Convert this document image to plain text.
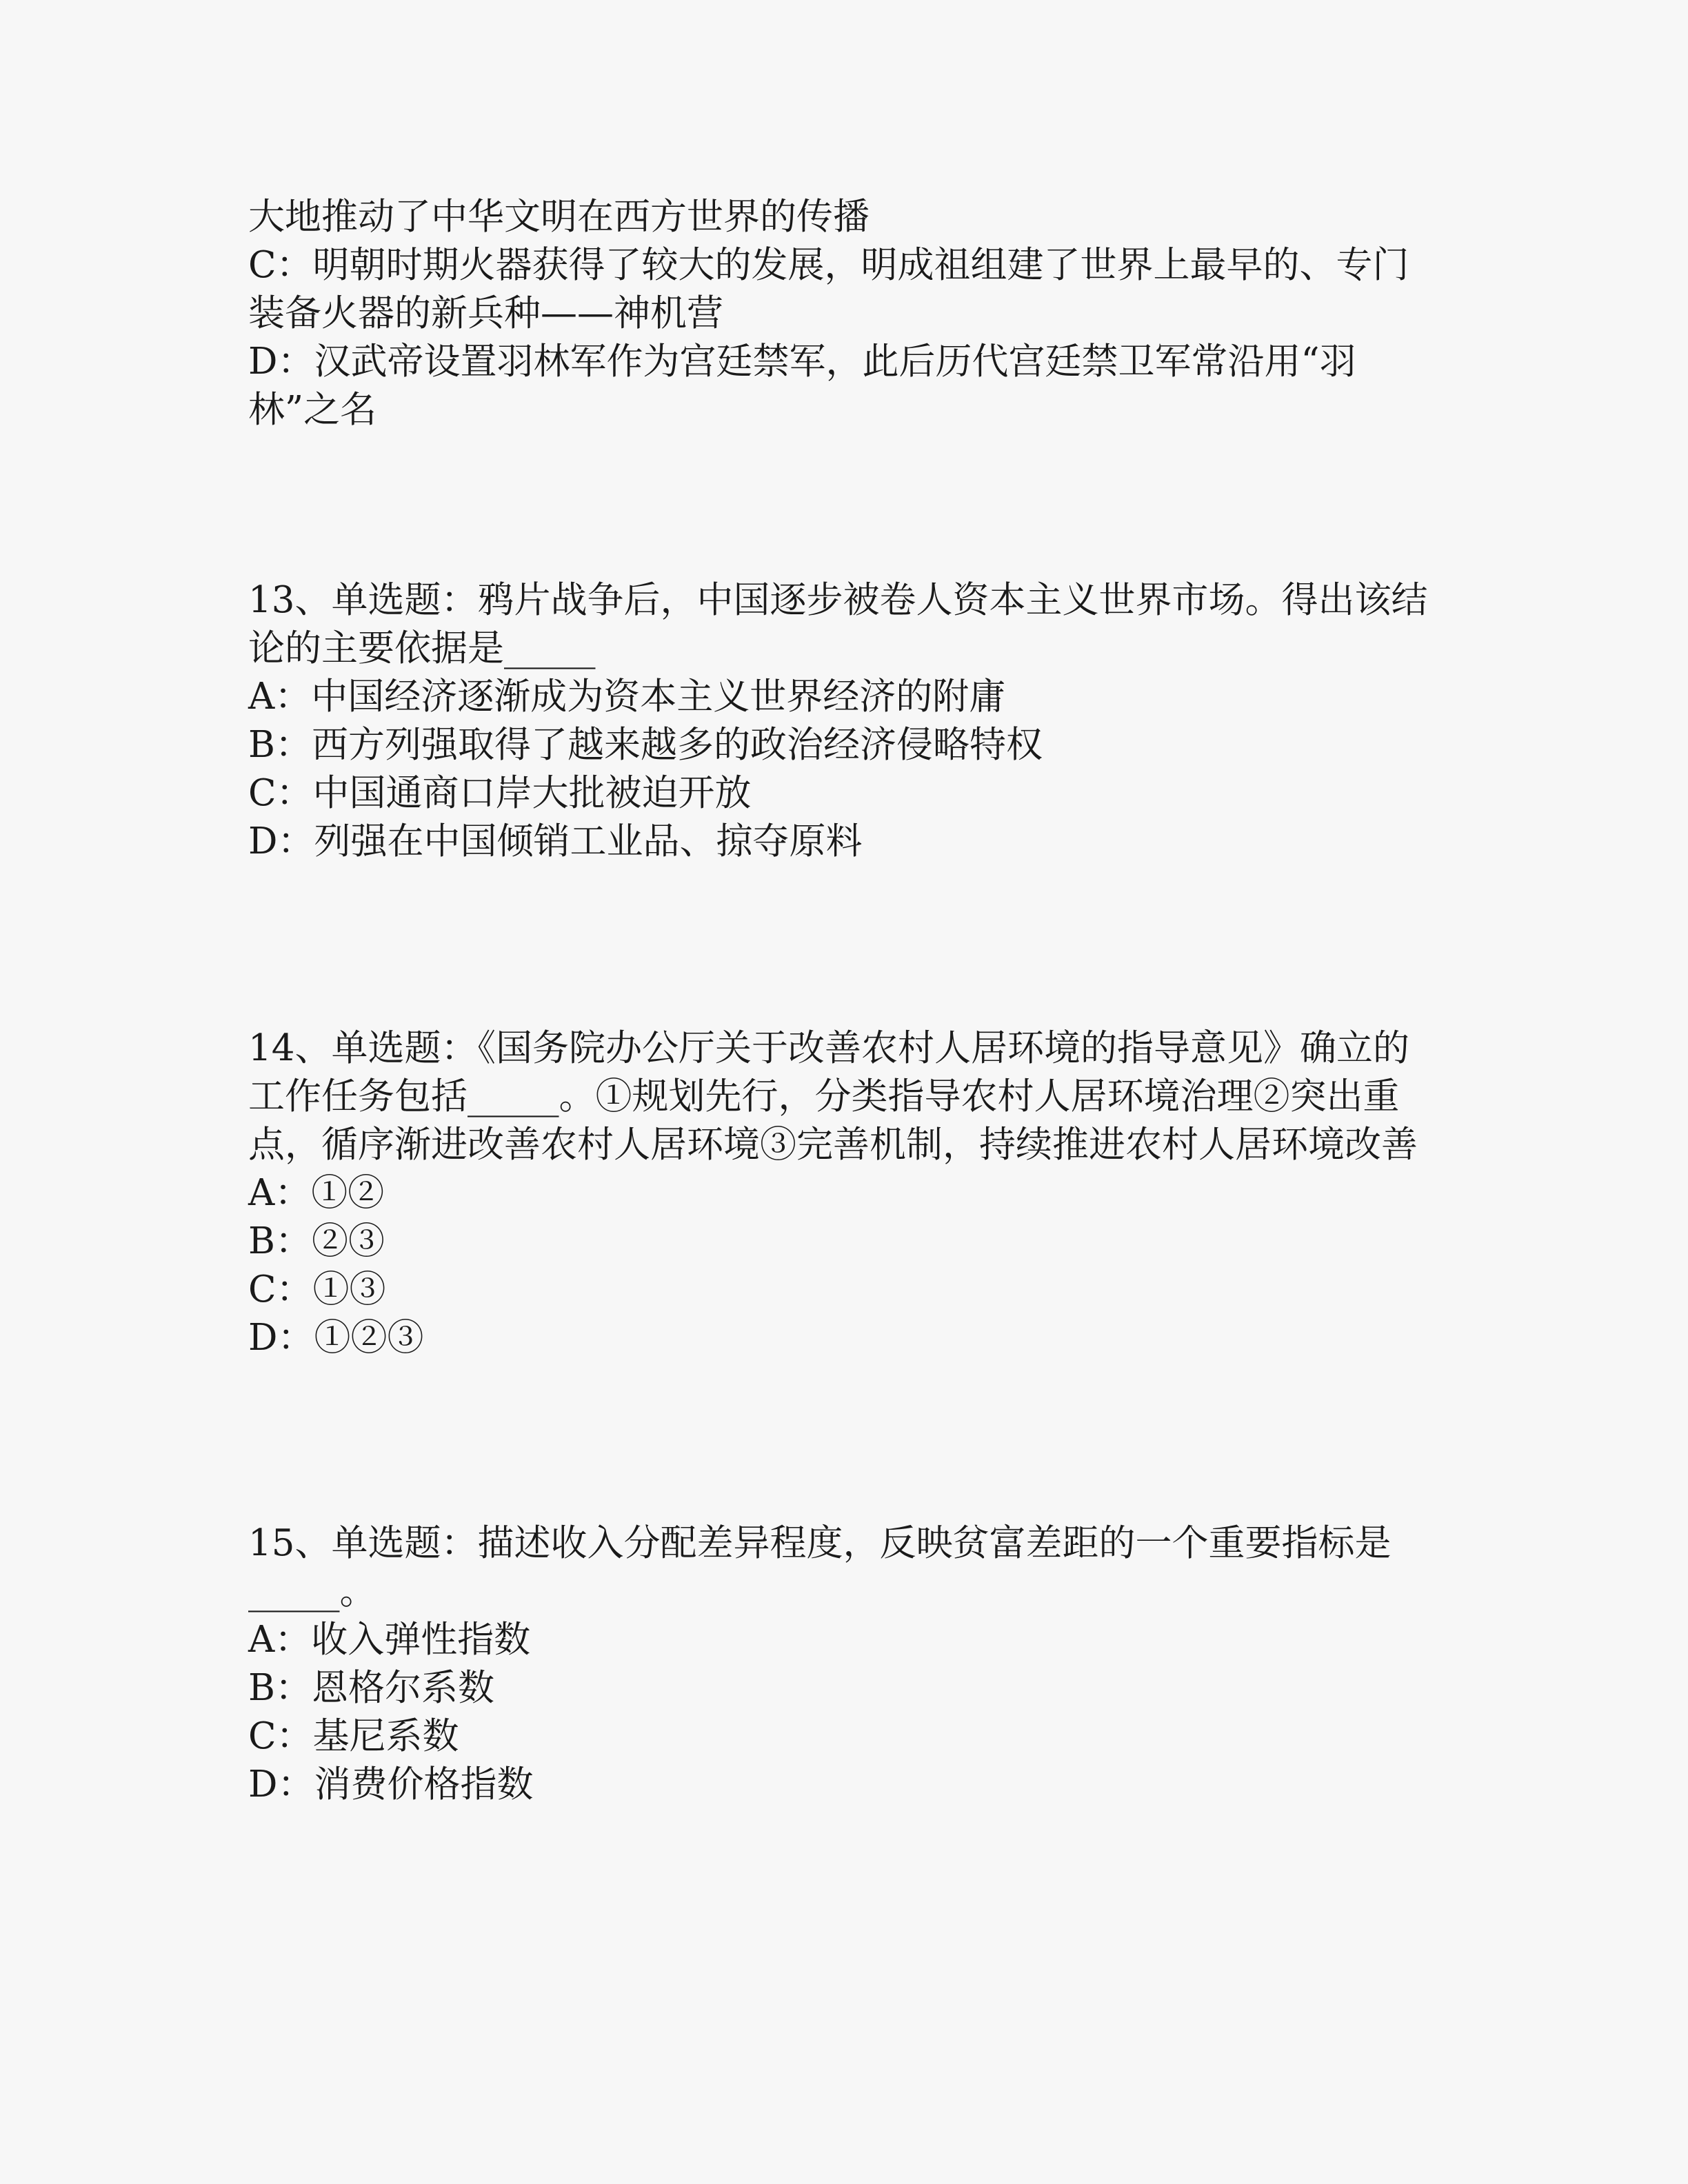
大地推动了中华文明在西方世界的传播
C：明朝时期火器获得了较大的发展，明成祖组建了世界上最早的、专门
装备火器的新兵种——神机营
D：汉武帝设置羽林军作为宫廷禁军，此后历代宫廷禁卫军常沿用“羽
林”之名
13、单选题：鸦片战争后，中国逐步被卷人资本主义世界市场。得出该结
论的主要依据是_____
A：中国经济逐渐成为资本主义世界经济的附庸
B：西方列强取得了越来越多的政治经济侵略特权
C：中国通商口岸大批被迫开放
D：列强在中国倾销工业品、掠夺原料
14、单选题：《国务院办公厅关于改善农村人居环境的指导意见》确立的
工作任务包括_____。①规划先行，分类指导农村人居环境治理②突出重
点，循序渐进改善农村人居环境③完善机制，持续推进农村人居环境改善
A：①②
B：②③
C：①③
D：①②③
15、单选题：描述收入分配差异程度，反映贫富差距的一个重要指标是
_____。
A：收入弹性指数
B：恩格尔系数
C：基尼系数
D：消费价格指数
